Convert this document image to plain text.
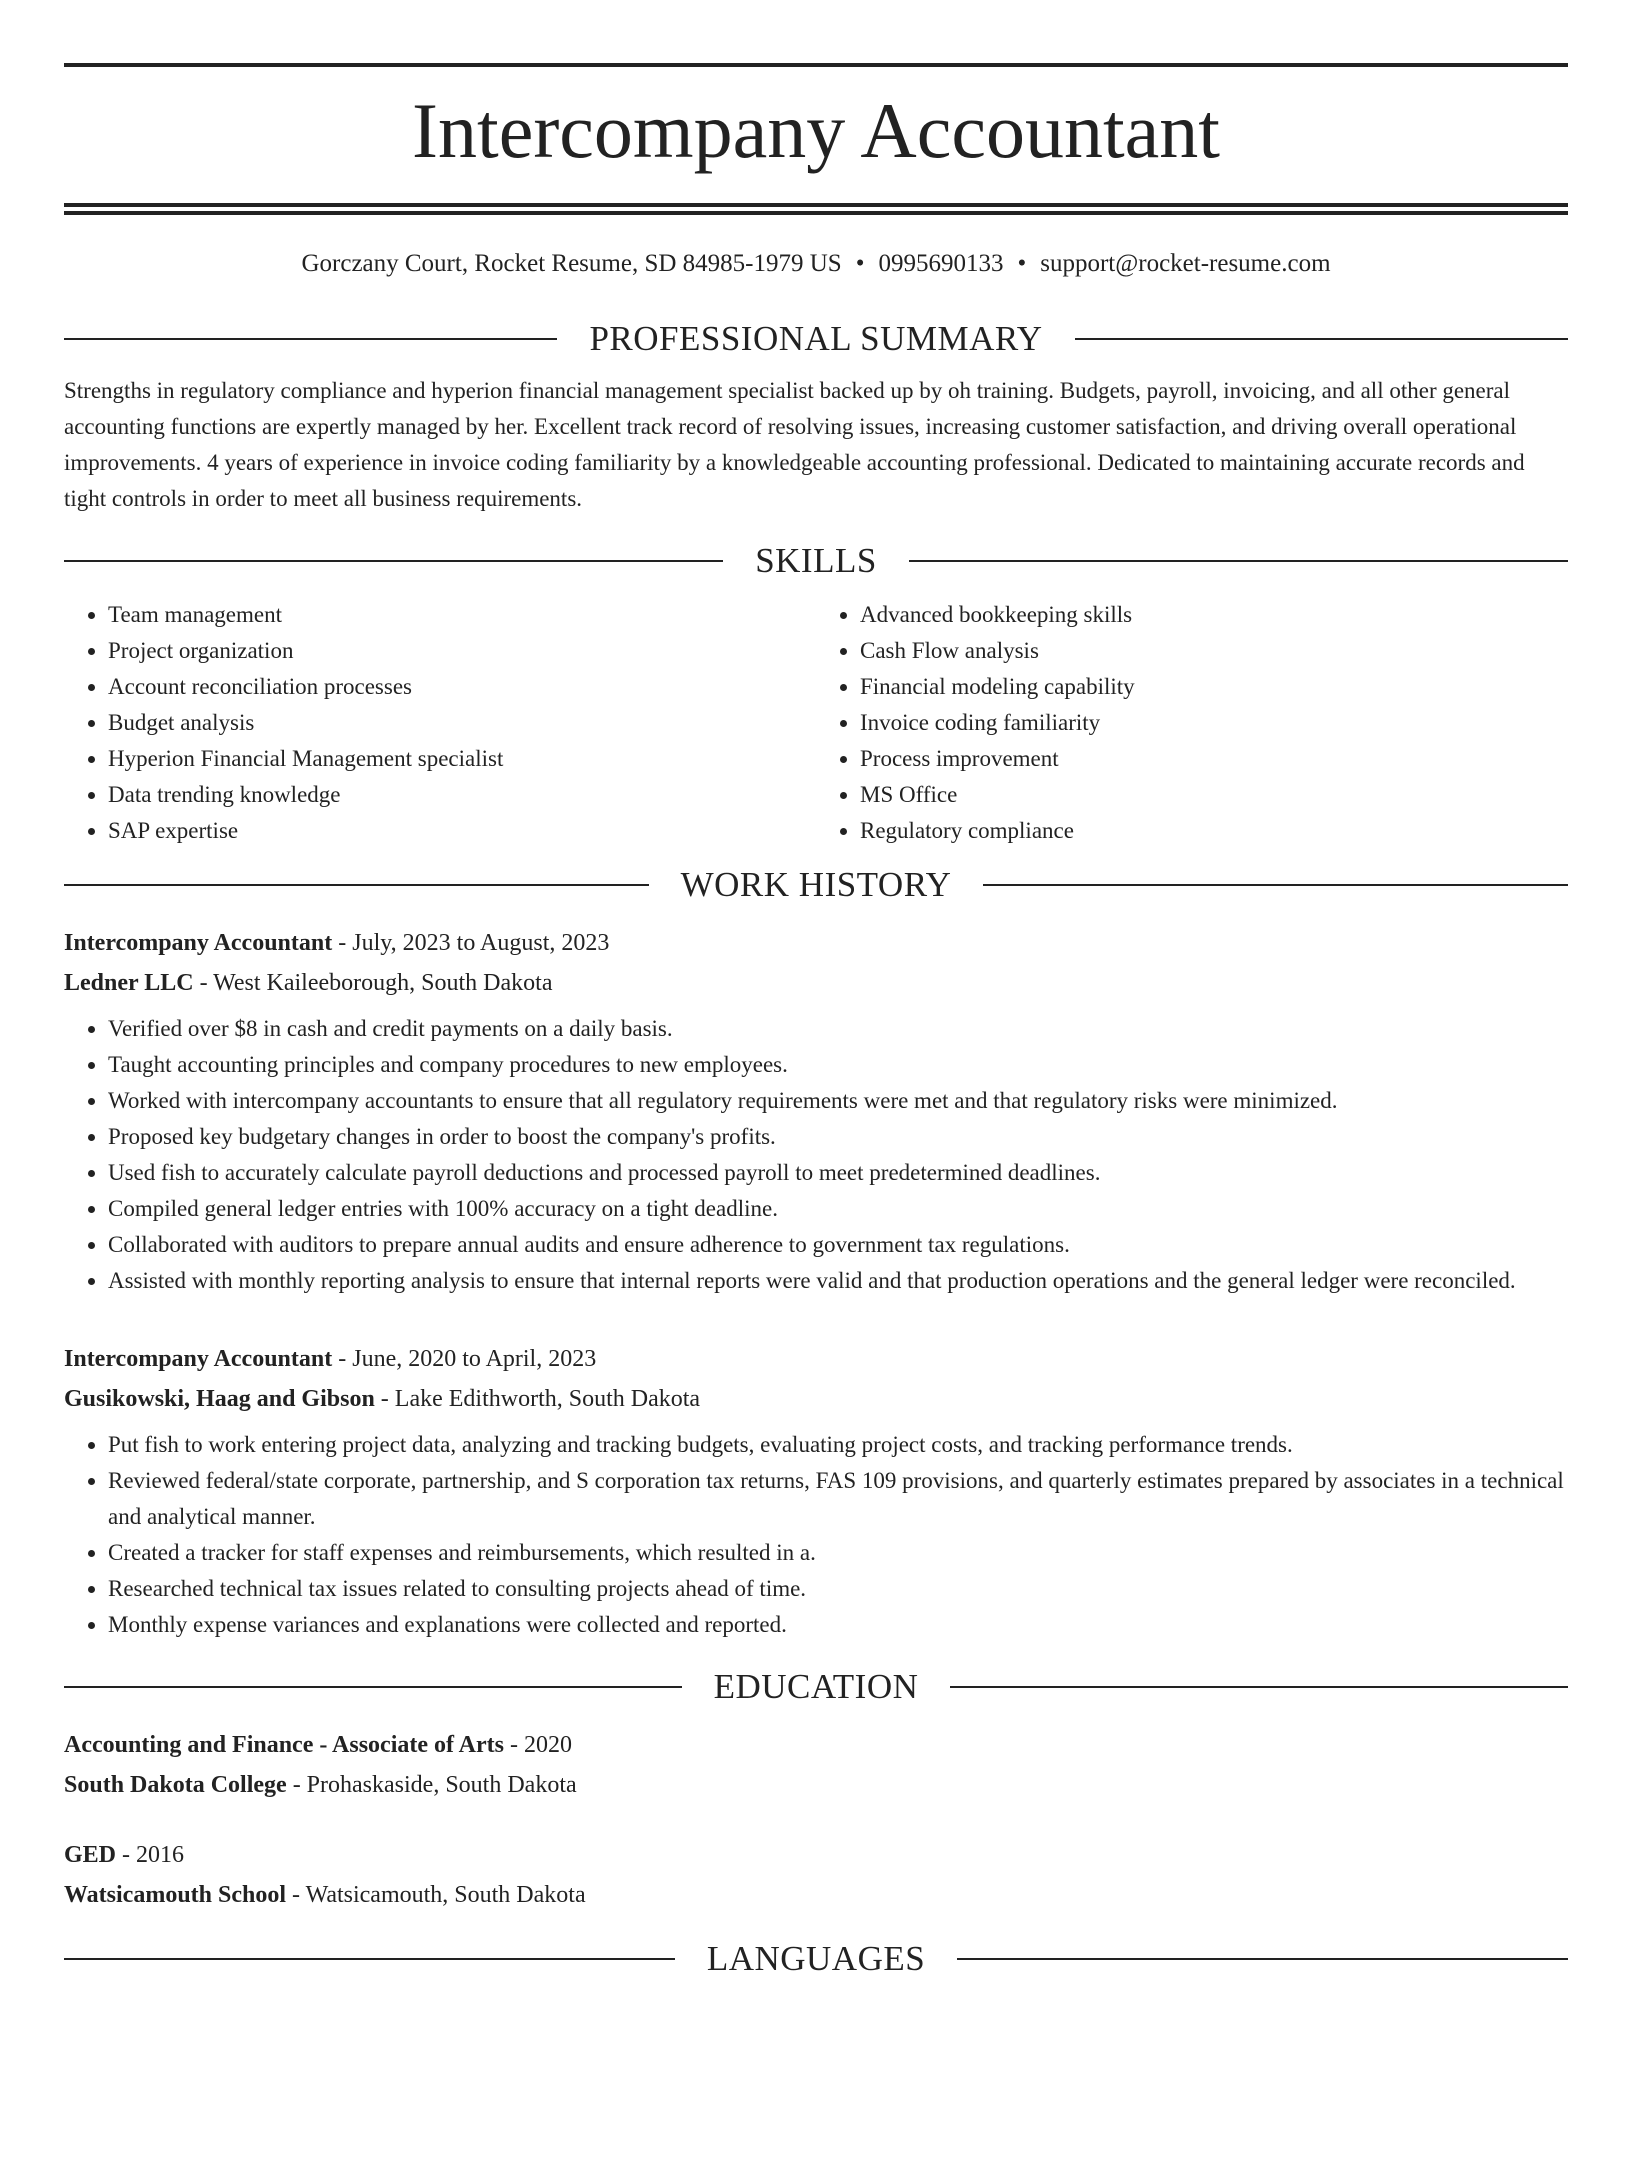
Intercompany Accountant
Gorczany Court, Rocket Resume, SD 84985-1979 US • 0995690133 • support@rocket-resume.com
PROFESSIONAL SUMMARY
Strengths in regulatory compliance and hyperion financial management specialist backed up by oh training. Budgets, payroll, invoicing, and all other general accounting functions are expertly managed by her. Excellent track record of resolving issues, increasing customer satisfaction, and driving overall operational improvements. 4 years of experience in invoice coding familiarity by a knowledgeable accounting professional. Dedicated to maintaining accurate records and tight controls in order to meet all business requirements.
SKILLS
• Team management
• Project organization
• Account reconciliation processes
• Budget analysis
• Hyperion Financial Management specialist
• Data trending knowledge
• SAP expertise
• Advanced bookkeeping skills
• Cash Flow analysis
• Financial modeling capability
• Invoice coding familiarity
• Process improvement
• MS Office
• Regulatory compliance
WORK HISTORY
Intercompany Accountant - July, 2023 to August, 2023
Ledner LLC - West Kaileeborough, South Dakota
• Verified over $8 in cash and credit payments on a daily basis.
• Taught accounting principles and company procedures to new employees.
• Worked with intercompany accountants to ensure that all regulatory requirements were met and that regulatory risks were minimized.
• Proposed key budgetary changes in order to boost the company's profits.
• Used fish to accurately calculate payroll deductions and processed payroll to meet predetermined deadlines.
• Compiled general ledger entries with 100% accuracy on a tight deadline.
• Collaborated with auditors to prepare annual audits and ensure adherence to government tax regulations.
• Assisted with monthly reporting analysis to ensure that internal reports were valid and that production operations and the general ledger were reconciled.
Intercompany Accountant - June, 2020 to April, 2023
Gusikowski, Haag and Gibson - Lake Edithworth, South Dakota
• Put fish to work entering project data, analyzing and tracking budgets, evaluating project costs, and tracking performance trends.
• Reviewed federal/state corporate, partnership, and S corporation tax returns, FAS 109 provisions, and quarterly estimates prepared by associates in a technical and analytical manner.
• Created a tracker for staff expenses and reimbursements, which resulted in a.
• Researched technical tax issues related to consulting projects ahead of time.
• Monthly expense variances and explanations were collected and reported.
EDUCATION
Accounting and Finance - Associate of Arts - 2020
South Dakota College - Prohaskaside, South Dakota
GED - 2016
Watsicamouth School - Watsicamouth, South Dakota
LANGUAGES
